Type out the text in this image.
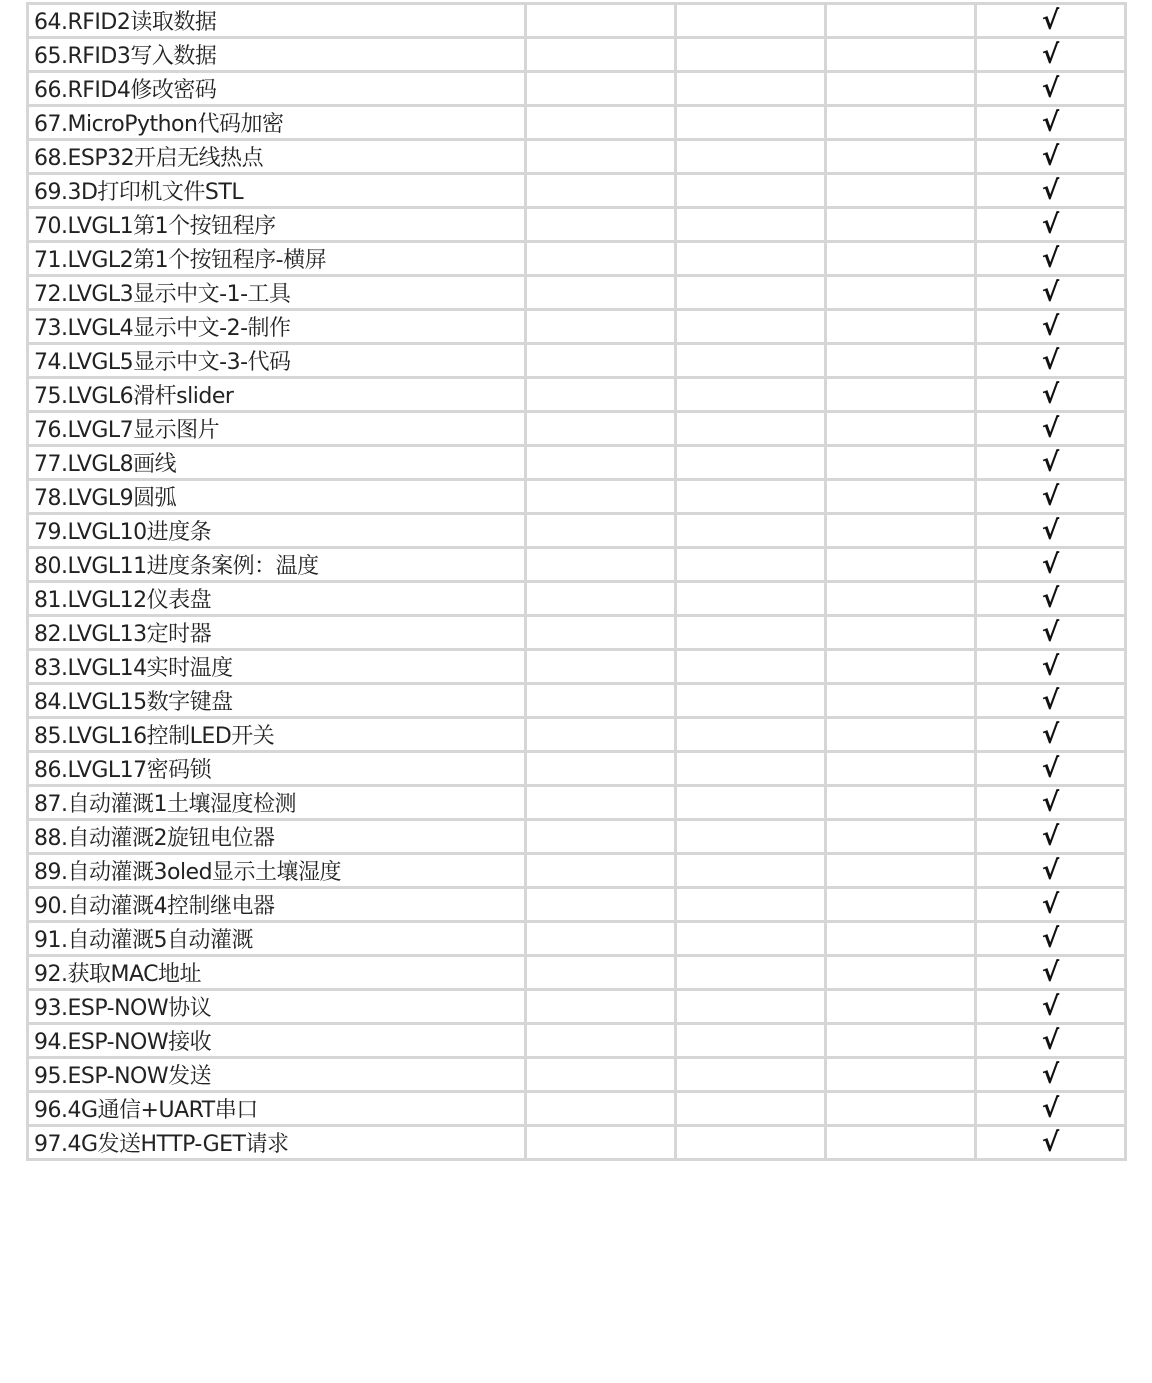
64.RFID2读取数据				√
65.RFID3写入数据				√
66.RFID4修改密码				√
67.MicroPython代码加密				√
68.ESP32开启无线热点				√
69.3D打印机文件STL				√
70.LVGL1第1个按钮程序				√
71.LVGL2第1个按钮程序-横屏				√
72.LVGL3显示中文-1-工具				√
73.LVGL4显示中文-2-制作				√
74.LVGL5显示中文-3-代码				√
75.LVGL6滑杆slider				√
76.LVGL7显示图片				√
77.LVGL8画线				√
78.LVGL9圆弧				√
79.LVGL10进度条				√
80.LVGL11进度条案例：温度				√
81.LVGL12仪表盘				√
82.LVGL13定时器				√
83.LVGL14实时温度				√
84.LVGL15数字键盘				√
85.LVGL16控制LED开关				√
86.LVGL17密码锁				√
87.自动灌溉1土壤湿度检测				√
88.自动灌溉2旋钮电位器				√
89.自动灌溉3oled显示土壤湿度				√
90.自动灌溉4控制继电器				√
91.自动灌溉5自动灌溉				√
92.获取MAC地址				√
93.ESP-NOW协议				√
94.ESP-NOW接收				√
95.ESP-NOW发送				√
96.4G通信+UART串口				√
97.4G发送HTTP-GET请求				√
